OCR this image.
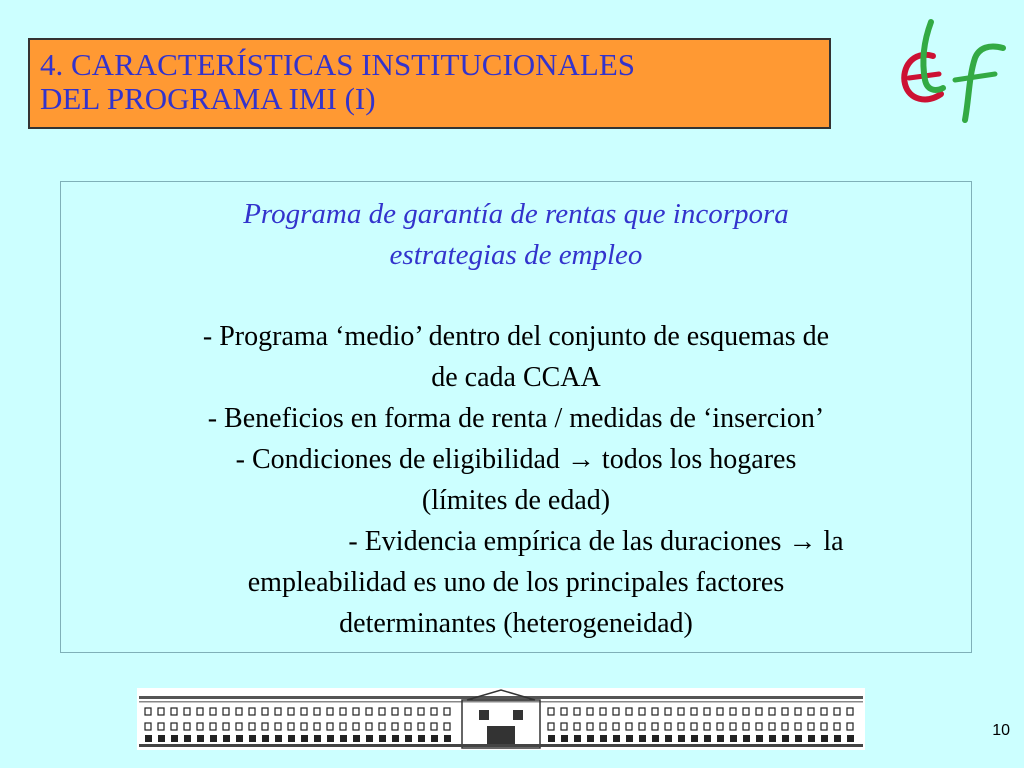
4. CARACTERÍSTICAS INSTITUCIONALES
DEL PROGRAMA IMI (I)
Programa de garantía de rentas que incorpora
estrategias de empleo
- Programa ‘medio’ dentro del conjunto de esquemas de
de cada CCAA
- Beneficios en forma de renta / medidas de ‘insercion’
- Condiciones de eligibilidad → todos los hogares
(límites de edad)
- Evidencia empírica de las duraciones → la
empleabilidad es uno de los principales factores
determinantes (heterogeneidad)
10
